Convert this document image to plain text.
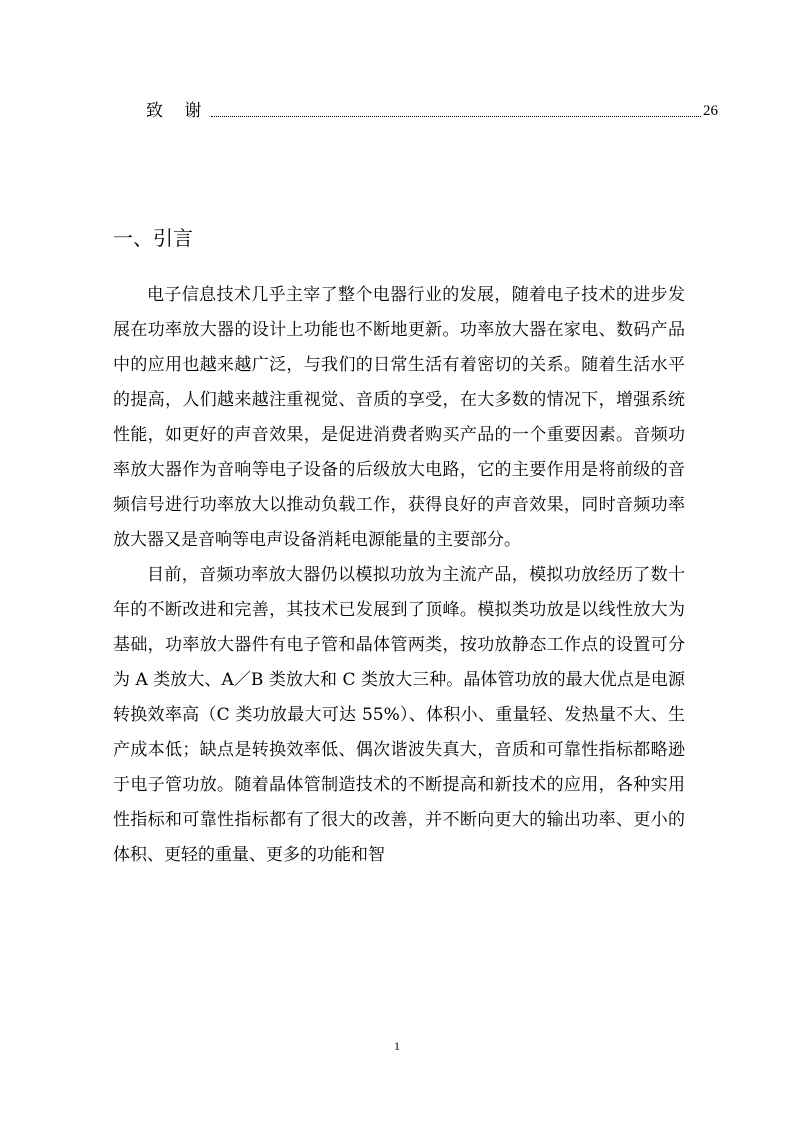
致 谢	26
一、引言

电子信息技术几乎主宰了整个电器行业的发展，随着电子技术的进步发展在功率放大器的设计上功能也不断地更新。功率放大器在家电、数码产品中的应用也越来越广泛，与我们的日常生活有着密切的关系。随着生活水平的提高，人们越来越注重视觉、音质的享受，在大多数的情况下，增强系统性能，如更好的声音效果，是促进消费者购买产品的一个重要因素。音频功率放大器作为音响等电子设备的后级放大电路，它的主要作用是将前级的音频信号进行功率放大以推动负载工作，获得良好的声音效果，同时音频功率放大器又是音响等电声设备消耗电源能量的主要部分。

目前，音频功率放大器仍以模拟功放为主流产品，模拟功放经历了数十年的不断改进和完善，其技术已发展到了顶峰。模拟类功放是以线性放大为基础，功率放大器件有电子管和晶体管两类，按功放静态工作点的设置可分为 A 类放大、A／B 类放大和 C 类放大三种。晶体管功放的最大优点是电源转换效率高（C 类功放最大可达 55%）、体积小、重量轻、发热量不大、生产成本低；缺点是转换效率低、偶次谐波失真大，音质和可靠性指标都略逊于电子管功放。随着晶体管制造技术的不断提高和新技术的应用，各种实用性指标和可靠性指标都有了很大的改善，并不断向更大的输出功率、更小的体积、更轻的重量、更多的功能和智

1
